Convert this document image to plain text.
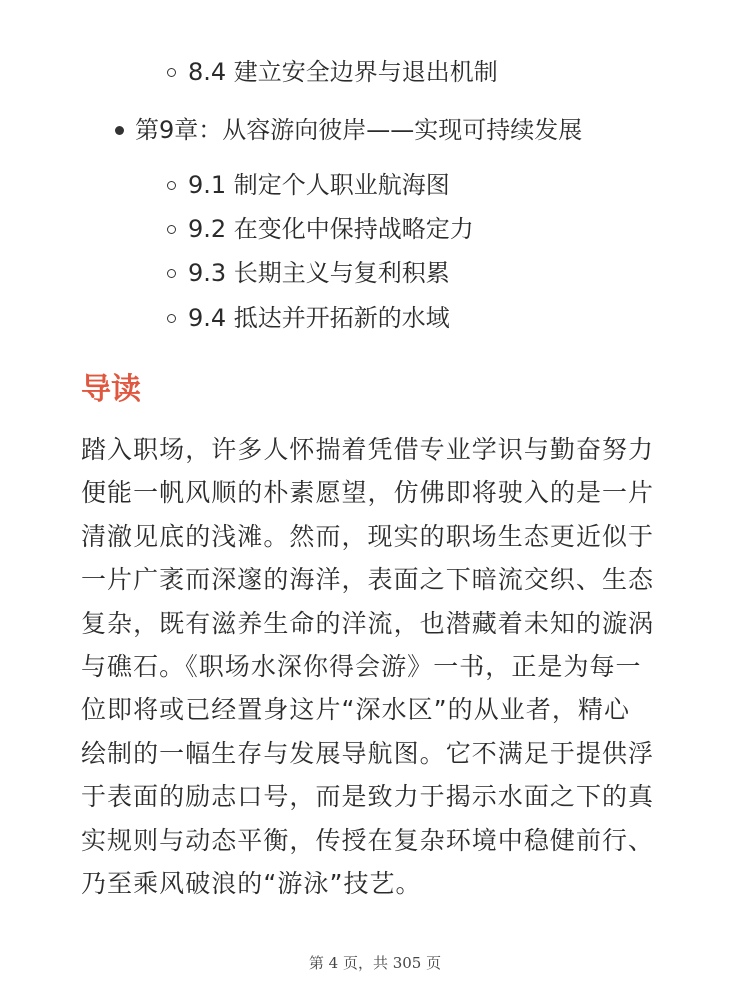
8.4 建立安全边界与退出机制
第9章：从容游向彼岸——实现可持续发展
9.1 制定个人职业航海图
9.2 在变化中保持战略定力
9.3 长期主义与复利积累
9.4 抵达并开拓新的水域
导读
踏入职场，许多人怀揣着凭借专业学识与勤奋努力
便能一帆风顺的朴素愿望，仿佛即将驶入的是一片
清澈见底的浅滩。然而，现实的职场生态更近似于
一片广袤而深邃的海洋，表面之下暗流交织、生态
复杂，既有滋养生命的洋流，也潜藏着未知的漩涡
与礁石。《职场水深你得会游》一书，正是为每一
位即将或已经置身这片“深水区”的从业者，精心
绘制的一幅生存与发展导航图。它不满足于提供浮
于表面的励志口号，而是致力于揭示水面之下的真
实规则与动态平衡，传授在复杂环境中稳健前行、
乃至乘风破浪的“游泳”技艺。
第 4 页，共 305 页
